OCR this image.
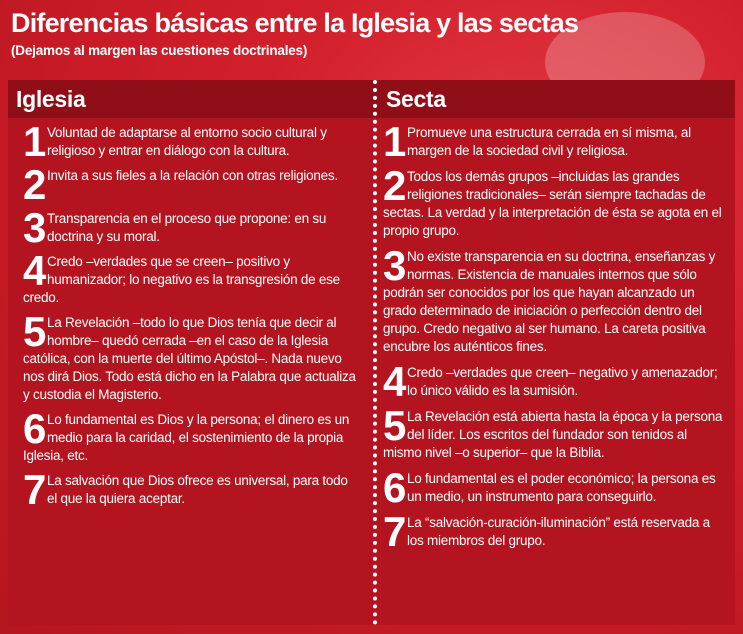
Diferencias básicas entre la Iglesia y las sectas
(Dejamos al margen las cuestiones doctrinales)
Iglesia	Secta
1 Voluntad de adaptarse al entorno socio cultural y religioso y entrar en diálogo con la cultura.
2 Invita a sus fieles a la relación con otras religiones.
3 Transparencia en el proceso que propone: en su doctrina y su moral.
4 Credo –verdades que se creen– positivo y humanizador; lo negativo es la transgresión de ese credo.
5 La Revelación –todo lo que Dios tenía que decir al hombre– quedó cerrada –en el caso de la Iglesia católica, con la muerte del último Apóstol–. Nada nuevo nos dirá Dios. Todo está dicho en la Palabra que actualiza y custodia el Magisterio.
6 Lo fundamental es Dios y la persona; el dinero es un medio para la caridad, el sostenimiento de la propia Iglesia, etc.
7 La salvación que Dios ofrece es universal, para todo el que la quiera aceptar.
1 Promueve una estructura cerrada en sí misma, al margen de la sociedad civil y religiosa.
2 Todos los demás grupos –incluidas las grandes religiones tradicionales– serán siempre tachadas de sectas. La verdad y la interpretación de ésta se agota en el propio grupo.
3 No existe transparencia en su doctrina, enseñanzas y normas. Existencia de manuales internos que sólo podrán ser conocidos por los que hayan alcanzado un grado determinado de iniciación o perfección dentro del grupo. Credo negativo al ser humano. La careta positiva encubre los auténticos fines.
4 Credo –verdades que creen– negativo y amenazador; lo único válido es la sumisión.
5 La Revelación está abierta hasta la época y la persona del líder. Los escritos del fundador son tenidos al mismo nivel –o superior– que la Biblia.
6 Lo fundamental es el poder económico; la persona es un medio, un instrumento para conseguirlo.
7 La “salvación-curación-iluminación” está reservada a los miembros del grupo.
